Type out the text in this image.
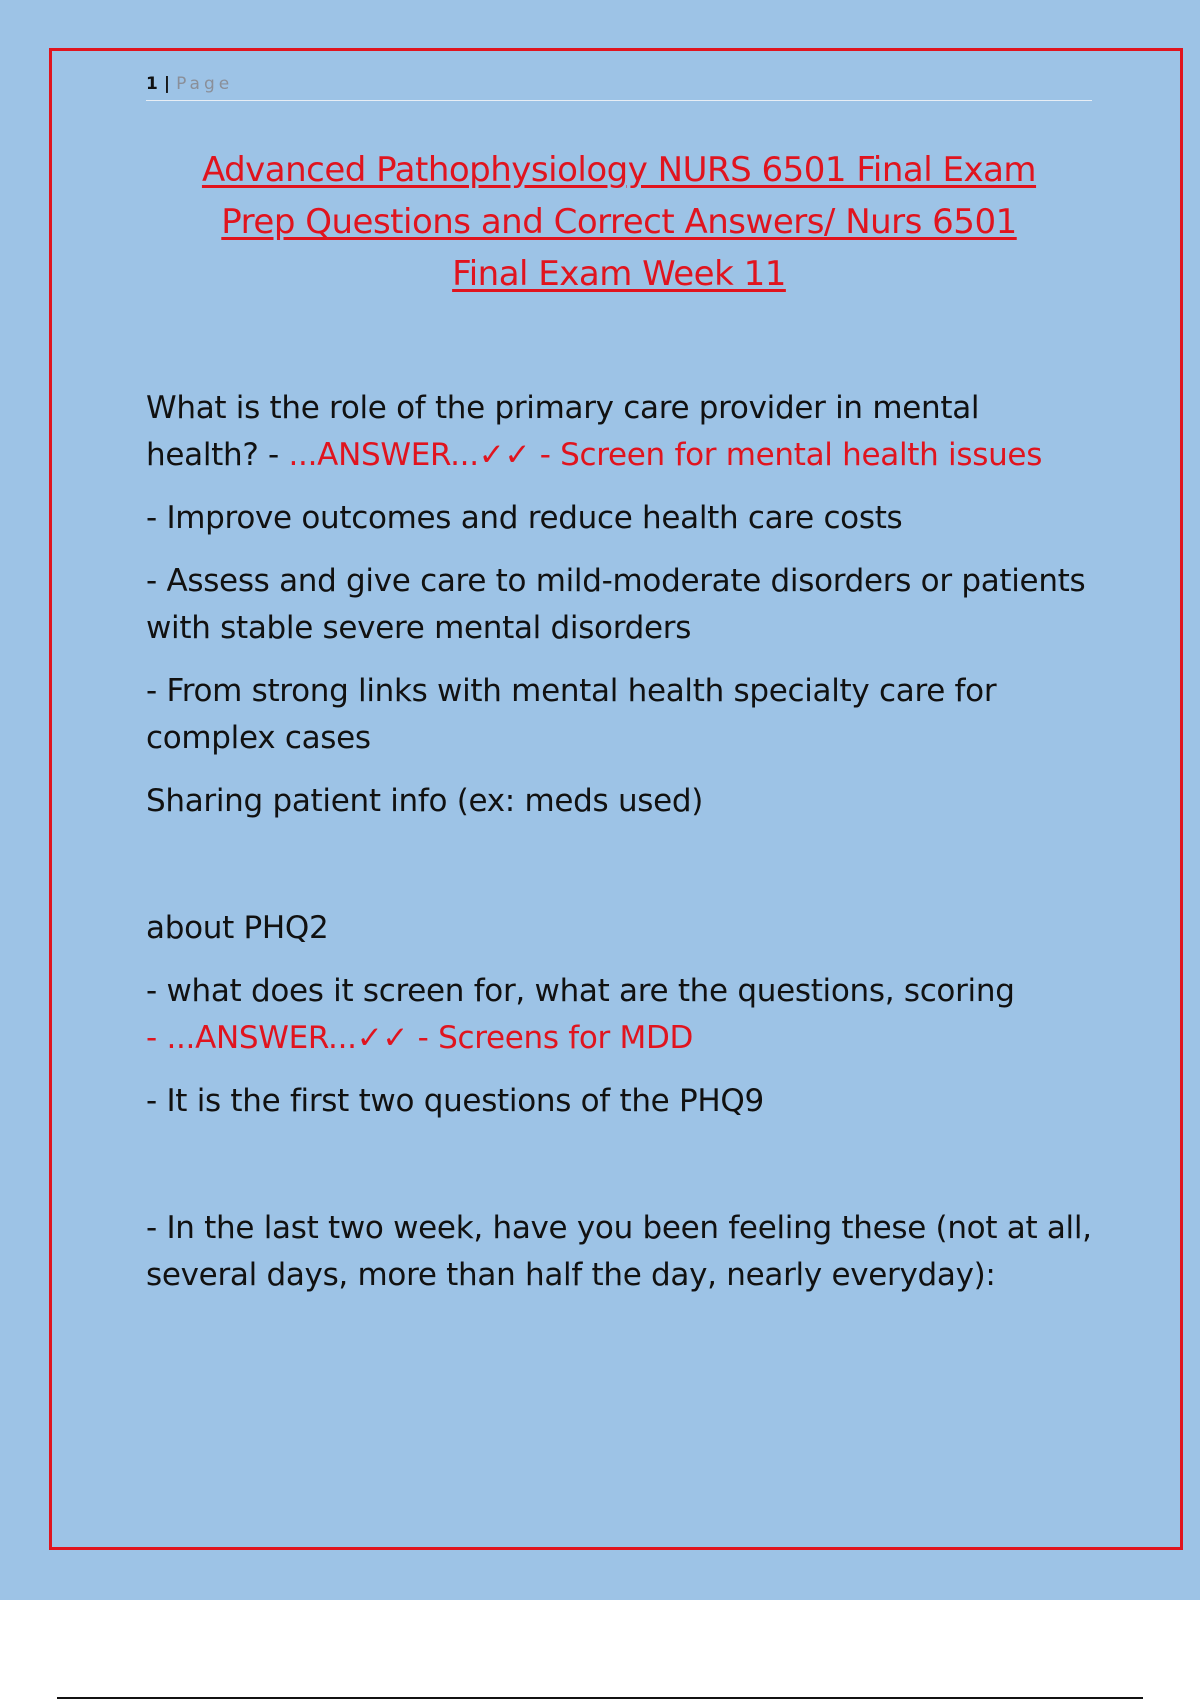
1 | Page
Advanced Pathophysiology NURS 6501 Final Exam
Prep Questions and Correct Answers/ Nurs 6501
Final Exam Week 11

What is the role of the primary care provider in mental health? - ...ANSWER...✓✓ - Screen for mental health issues

- Improve outcomes and reduce health care costs

- Assess and give care to mild-moderate disorders or patients with stable severe mental disorders

- From strong links with mental health specialty care for complex cases

Sharing patient info (ex: meds used)

about PHQ2

- what does it screen for, what are the questions, scoring
- ...ANSWER...✓✓ - Screens for MDD

- It is the first two questions of the PHQ9

- In the last two week, have you been feeling these (not at all, several days, more than half the day, nearly everyday):
